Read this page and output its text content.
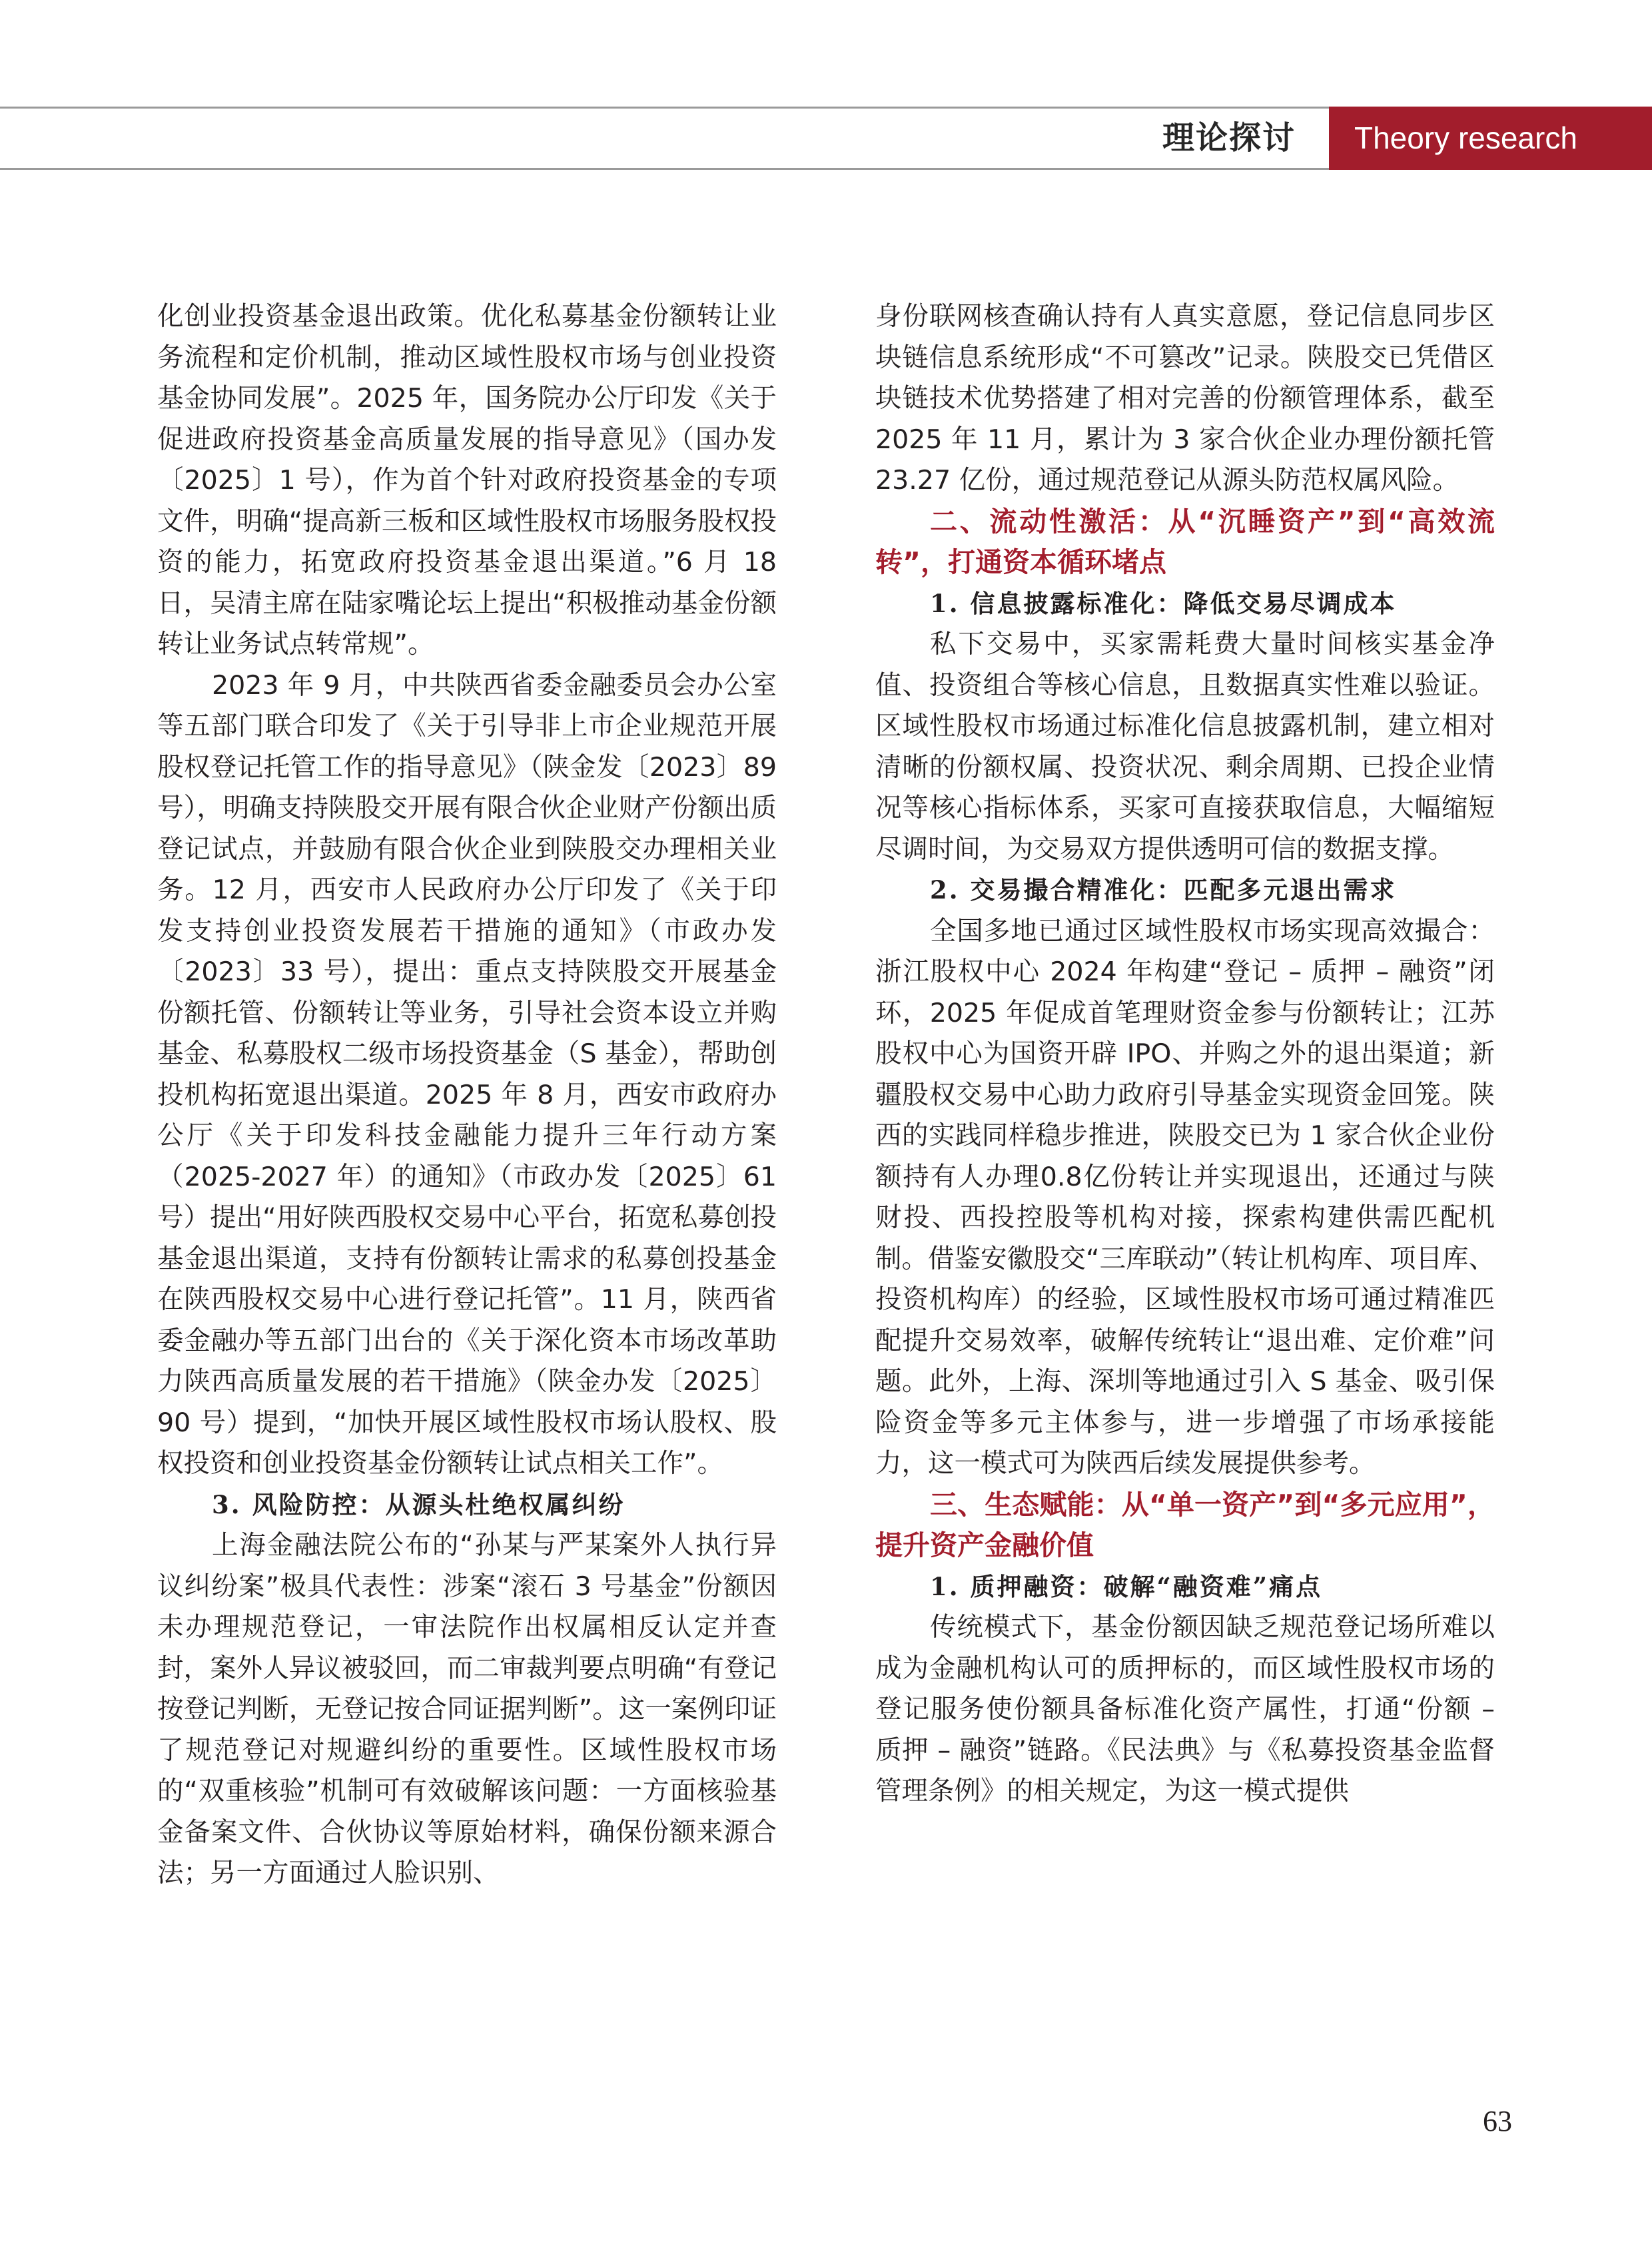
理论探讨	Theory research

化创业投资基金退出政策。优化私募基金份额转让业务流程和定价机制，推动区域性股权市场与创业投资基金协同发展”。2025 年，国务院办公厅印发《关于促进政府投资基金高质量发展的指导意见》（国办发〔2025〕1 号），作为首个针对政府投资基金的专项文件，明确“提高新三板和区域性股权市场服务股权投资的能力，拓宽政府投资基金退出渠道。”6 月 18 日，吴清主席在陆家嘴论坛上提出“积极推动基金份额转让业务试点转常规”。

2023 年 9 月，中共陕西省委金融委员会办公室等五部门联合印发了《关于引导非上市企业规范开展股权登记托管工作的指导意见》（陕金发〔2023〕89 号），明确支持陕股交开展有限合伙企业财产份额出质登记试点，并鼓励有限合伙企业到陕股交办理相关业务。12 月，西安市人民政府办公厅印发了《关于印发支持创业投资发展若干措施的通知》（市政办发〔2023〕33 号），提出：重点支持陕股交开展基金份额托管、份额转让等业务，引导社会资本设立并购基金、私募股权二级市场投资基金（S 基金），帮助创投机构拓宽退出渠道。2025 年 8 月，西安市政府办公厅《关于印发科技金融能力提升三年行动方案（2025-2027 年）的通知》（市政办发〔2025〕61 号）提出“用好陕西股权交易中心平台，拓宽私募创投基金退出渠道，支持有份额转让需求的私募创投基金在陕西股权交易中心进行登记托管”。11 月，陕西省委金融办等五部门出台的《关于深化资本市场改革助力陕西高质量发展的若干措施》（陕金办发〔2025〕90 号）提到，“加快开展区域性股权市场认股权、股权投资和创业投资基金份额转让试点相关工作”。

3. 风险防控：从源头杜绝权属纠纷

上海金融法院公布的“孙某与严某案外人执行异议纠纷案”极具代表性：涉案“滚石 3 号基金”份额因未办理规范登记，一审法院作出权属相反认定并查封，案外人异议被驳回，而二审裁判要点明确“有登记按登记判断，无登记按合同证据判断”。这一案例印证了规范登记对规避纠纷的重要性。区域性股权市场的“双重核验”机制可有效破解该问题：一方面核验基金备案文件、合伙协议等原始材料，确保份额来源合法；另一方面通过人脸识别、

身份联网核查确认持有人真实意愿，登记信息同步区块链信息系统形成“不可篡改”记录。陕股交已凭借区块链技术优势搭建了相对完善的份额管理体系，截至 2025 年 11 月，累计为 3 家合伙企业办理份额托管 23.27 亿份，通过规范登记从源头防范权属风险。

二、流动性激活：从“沉睡资产”到“高效流转”，打通资本循环堵点

1. 信息披露标准化：降低交易尽调成本

私下交易中，买家需耗费大量时间核实基金净值、投资组合等核心信息，且数据真实性难以验证。区域性股权市场通过标准化信息披露机制，建立相对清晰的份额权属、投资状况、剩余周期、已投企业情况等核心指标体系，买家可直接获取信息，大幅缩短尽调时间，为交易双方提供透明可信的数据支撑。

2. 交易撮合精准化：匹配多元退出需求

全国多地已通过区域性股权市场实现高效撮合：浙江股权中心 2024 年构建“登记 – 质押 – 融资”闭环，2025 年促成首笔理财资金参与份额转让；江苏股权中心为国资开辟 IPO、并购之外的退出渠道；新疆股权交易中心助力政府引导基金实现资金回笼。陕西的实践同样稳步推进，陕股交已为 1 家合伙企业份额持有人办理0.8亿份转让并实现退出，还通过与陕财投、西投控股等机构对接，探索构建供需匹配机制。借鉴安徽股交“三库联动”（转让机构库、项目库、投资机构库）的经验，区域性股权市场可通过精准匹配提升交易效率，破解传统转让“退出难、定价难”问题。此外，上海、深圳等地通过引入 S 基金、吸引保险资金等多元主体参与，进一步增强了市场承接能力，这一模式可为陕西后续发展提供参考。

三、生态赋能：从“单一资产”到“多元应用”，提升资产金融价值

1. 质押融资：破解“融资难”痛点

传统模式下，基金份额因缺乏规范登记场所难以成为金融机构认可的质押标的，而区域性股权市场的登记服务使份额具备标准化资产属性，打通“份额 – 质押 – 融资”链路。《民法典》与《私募投资基金监督管理条例》的相关规定，为这一模式提供

63
